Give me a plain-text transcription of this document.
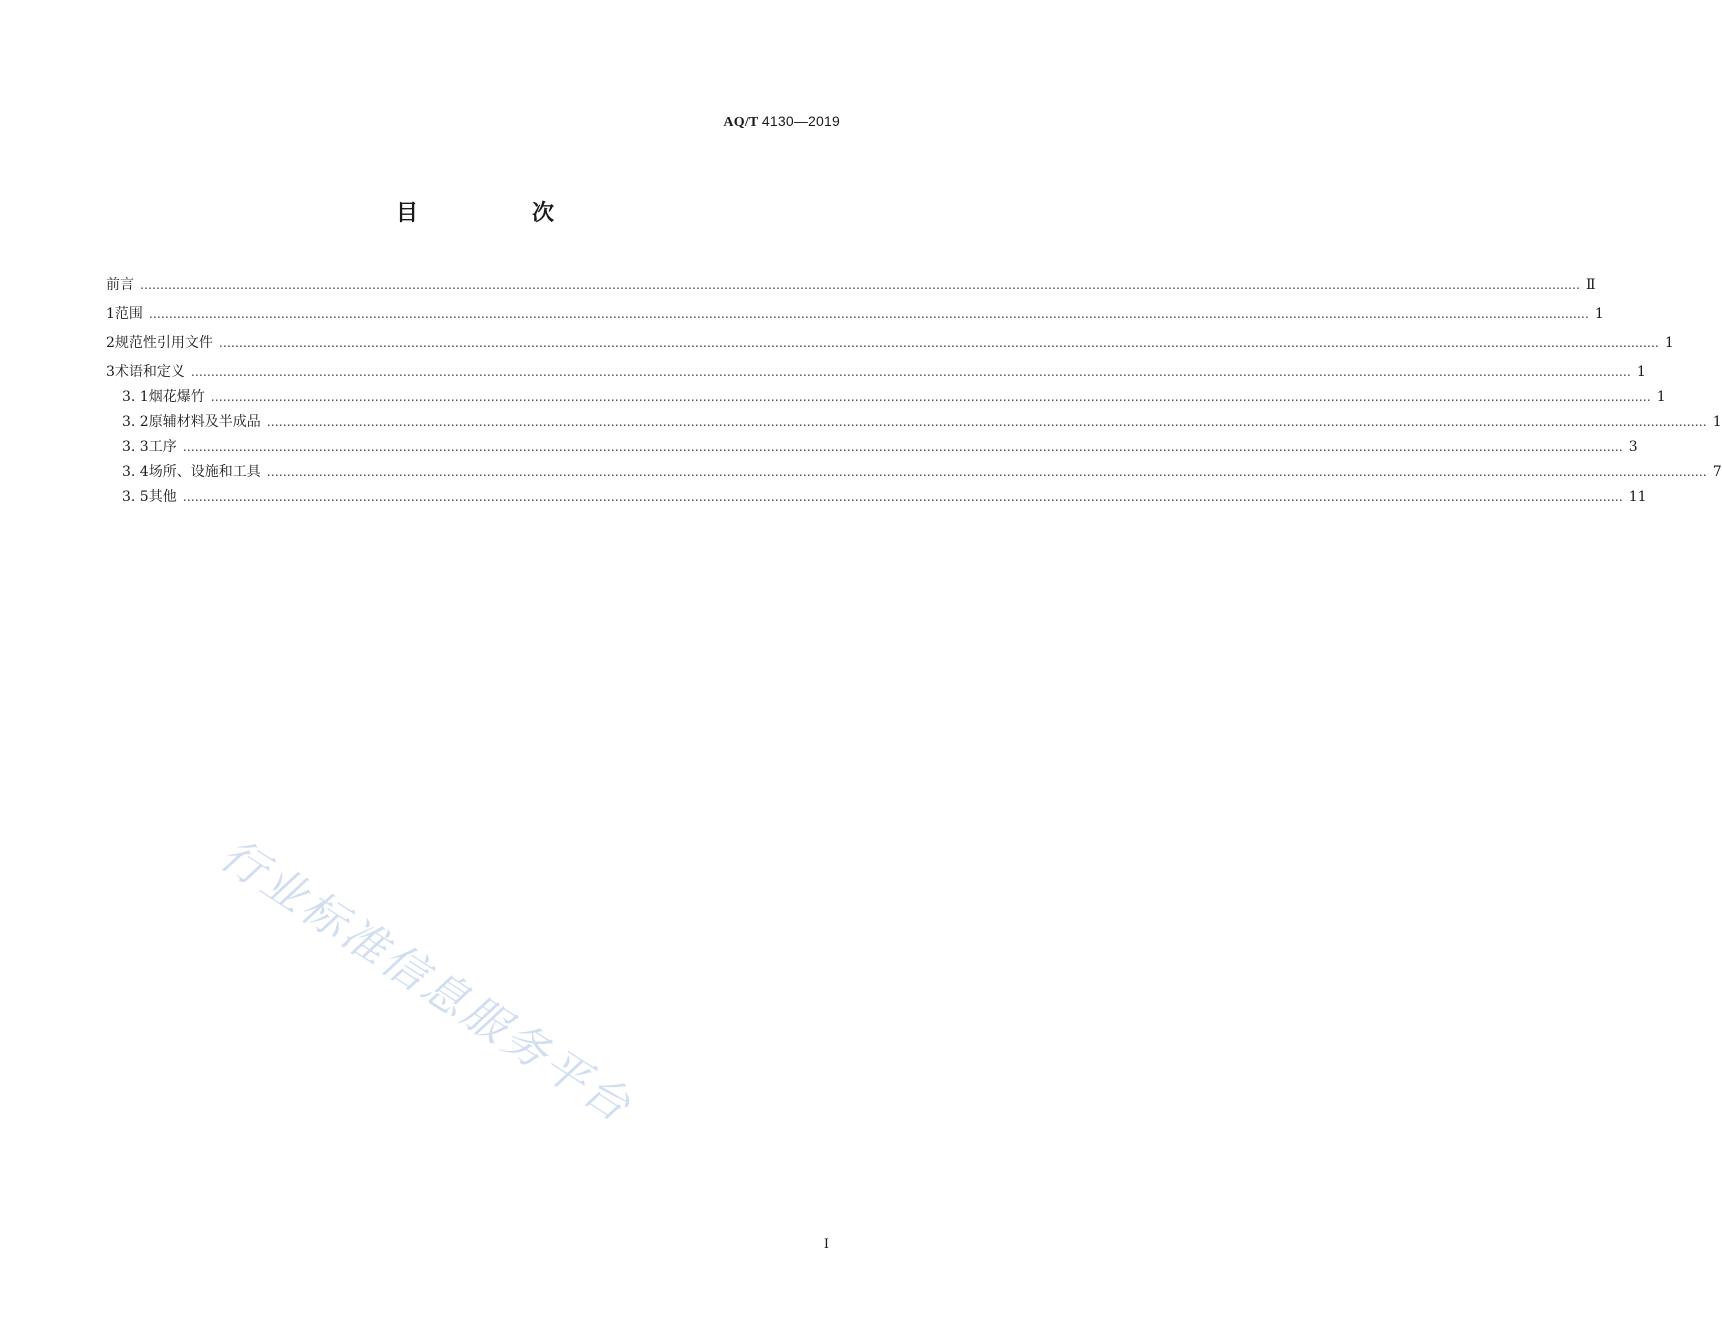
AQ/T 4130—2019
目　次
前言 ……………………………………………………………………………………………………………………………………………………………………………………………………………………………………………………………………………………………………………………………… Ⅱ
1 范围 ……………………………………………………………………………………………………………………………………………………………………………………………………………………………………………………………………………………………………………………………… 1
2 规范性引用文件 ……………………………………………………………………………………………………………………………………………………………………………………………………………………………………………………………………………………………………………………………… 1
3 术语和定义 ……………………………………………………………………………………………………………………………………………………………………………………………………………………………………………………………………………………………………………………………… 1
3. 1 烟花爆竹 ……………………………………………………………………………………………………………………………………………………………………………………………………………………………………………………………………………………………………………………………… 1
3. 2 原辅材料及半成品 ……………………………………………………………………………………………………………………………………………………………………………………………………………………………………………………………………………………………………………………………… 1
3. 3 工序 ……………………………………………………………………………………………………………………………………………………………………………………………………………………………………………………………………………………………………………………………… 3
3. 4 场所、设施和工具 ……………………………………………………………………………………………………………………………………………………………………………………………………………………………………………………………………………………………………………………………… 7
3. 5 其他 ……………………………………………………………………………………………………………………………………………………………………………………………………………………………………………………………………………………………………………………………… 11
行业标准信息服务平台
I
